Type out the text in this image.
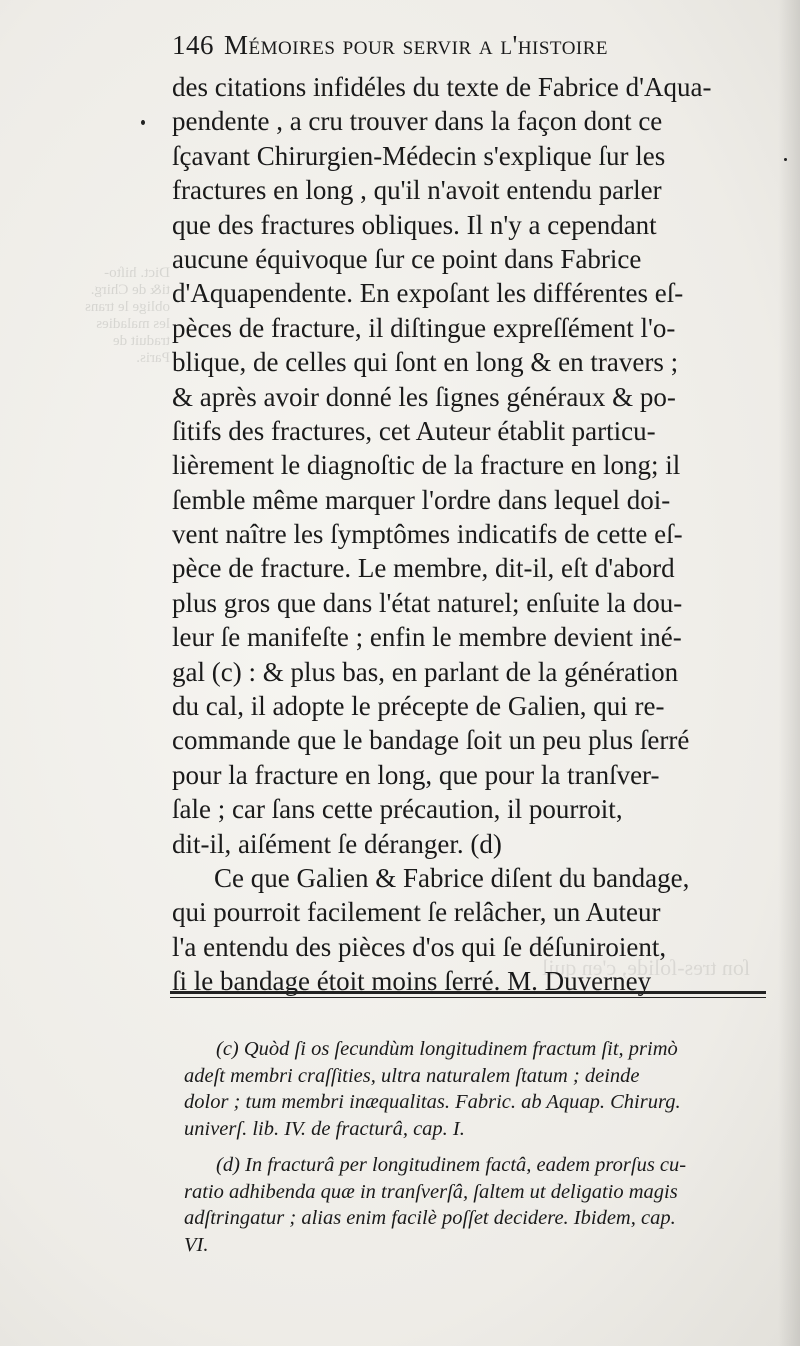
Dict. hiſto-
ti& de Chirg.
oblige le trans
les maladies
traduit de
Paris.
ſon tres-ſolide, c'en quil
146 Mémoires pour servir a l'histoire
des citations infidéles du texte de Fabrice d'Aqua-
pendente , a cru trouver dans la façon dont ce
ſçavant Chirurgien-Médecin s'explique ſur les
fractures en long , qu'il n'avoit entendu parler
que des fractures obliques. Il n'y a cependant
aucune équivoque ſur ce point dans Fabrice
d'Aquapendente. En expoſant les différentes eſ-
pèces de fracture, il diſtingue expreſſément l'o-
blique, de celles qui ſont en long & en travers ;
& après avoir donné les ſignes généraux & po-
ſitifs des fractures, cet Auteur établit particu-
lièrement le diagnoſtic de la fracture en long; il
ſemble même marquer l'ordre dans lequel doi-
vent naître les ſymptômes indicatifs de cette eſ-
pèce de fracture. Le membre, dit-il, eſt d'abord
plus gros que dans l'état naturel; enſuite la dou-
leur ſe manifeſte ; enfin le membre devient iné-
gal (c) : & plus bas, en parlant de la génération
du cal, il adopte le précepte de Galien, qui re-
commande que le bandage ſoit un peu plus ſerré
pour la fracture en long, que pour la tranſver-
ſale ; car ſans cette précaution, il pourroit,
dit-il, aiſément ſe déranger. (d)
Ce que Galien & Fabrice diſent du bandage,
qui pourroit facilement ſe relâcher, un Auteur
l'a entendu des pièces d'os qui ſe déſuniroient,
ſi le bandage étoit moins ſerré. M. Duverney
(c) Quòd ſi os ſecundùm longitudinem fractum ſit, primò
adeſt membri craſſities, ultra naturalem ſtatum ; deinde
dolor ; tum membri inæqualitas. Fabric. ab Aquap. Chirurg.
univerſ. lib. IV. de fracturâ, cap. I.
(d) In fracturâ per longitudinem factâ, eadem prorſus cu-
ratio adhibenda quæ in tranſverſâ, ſaltem ut deligatio magis
adſtringatur ; alias enim facilè poſſet decidere. Ibidem, cap.
VI.
